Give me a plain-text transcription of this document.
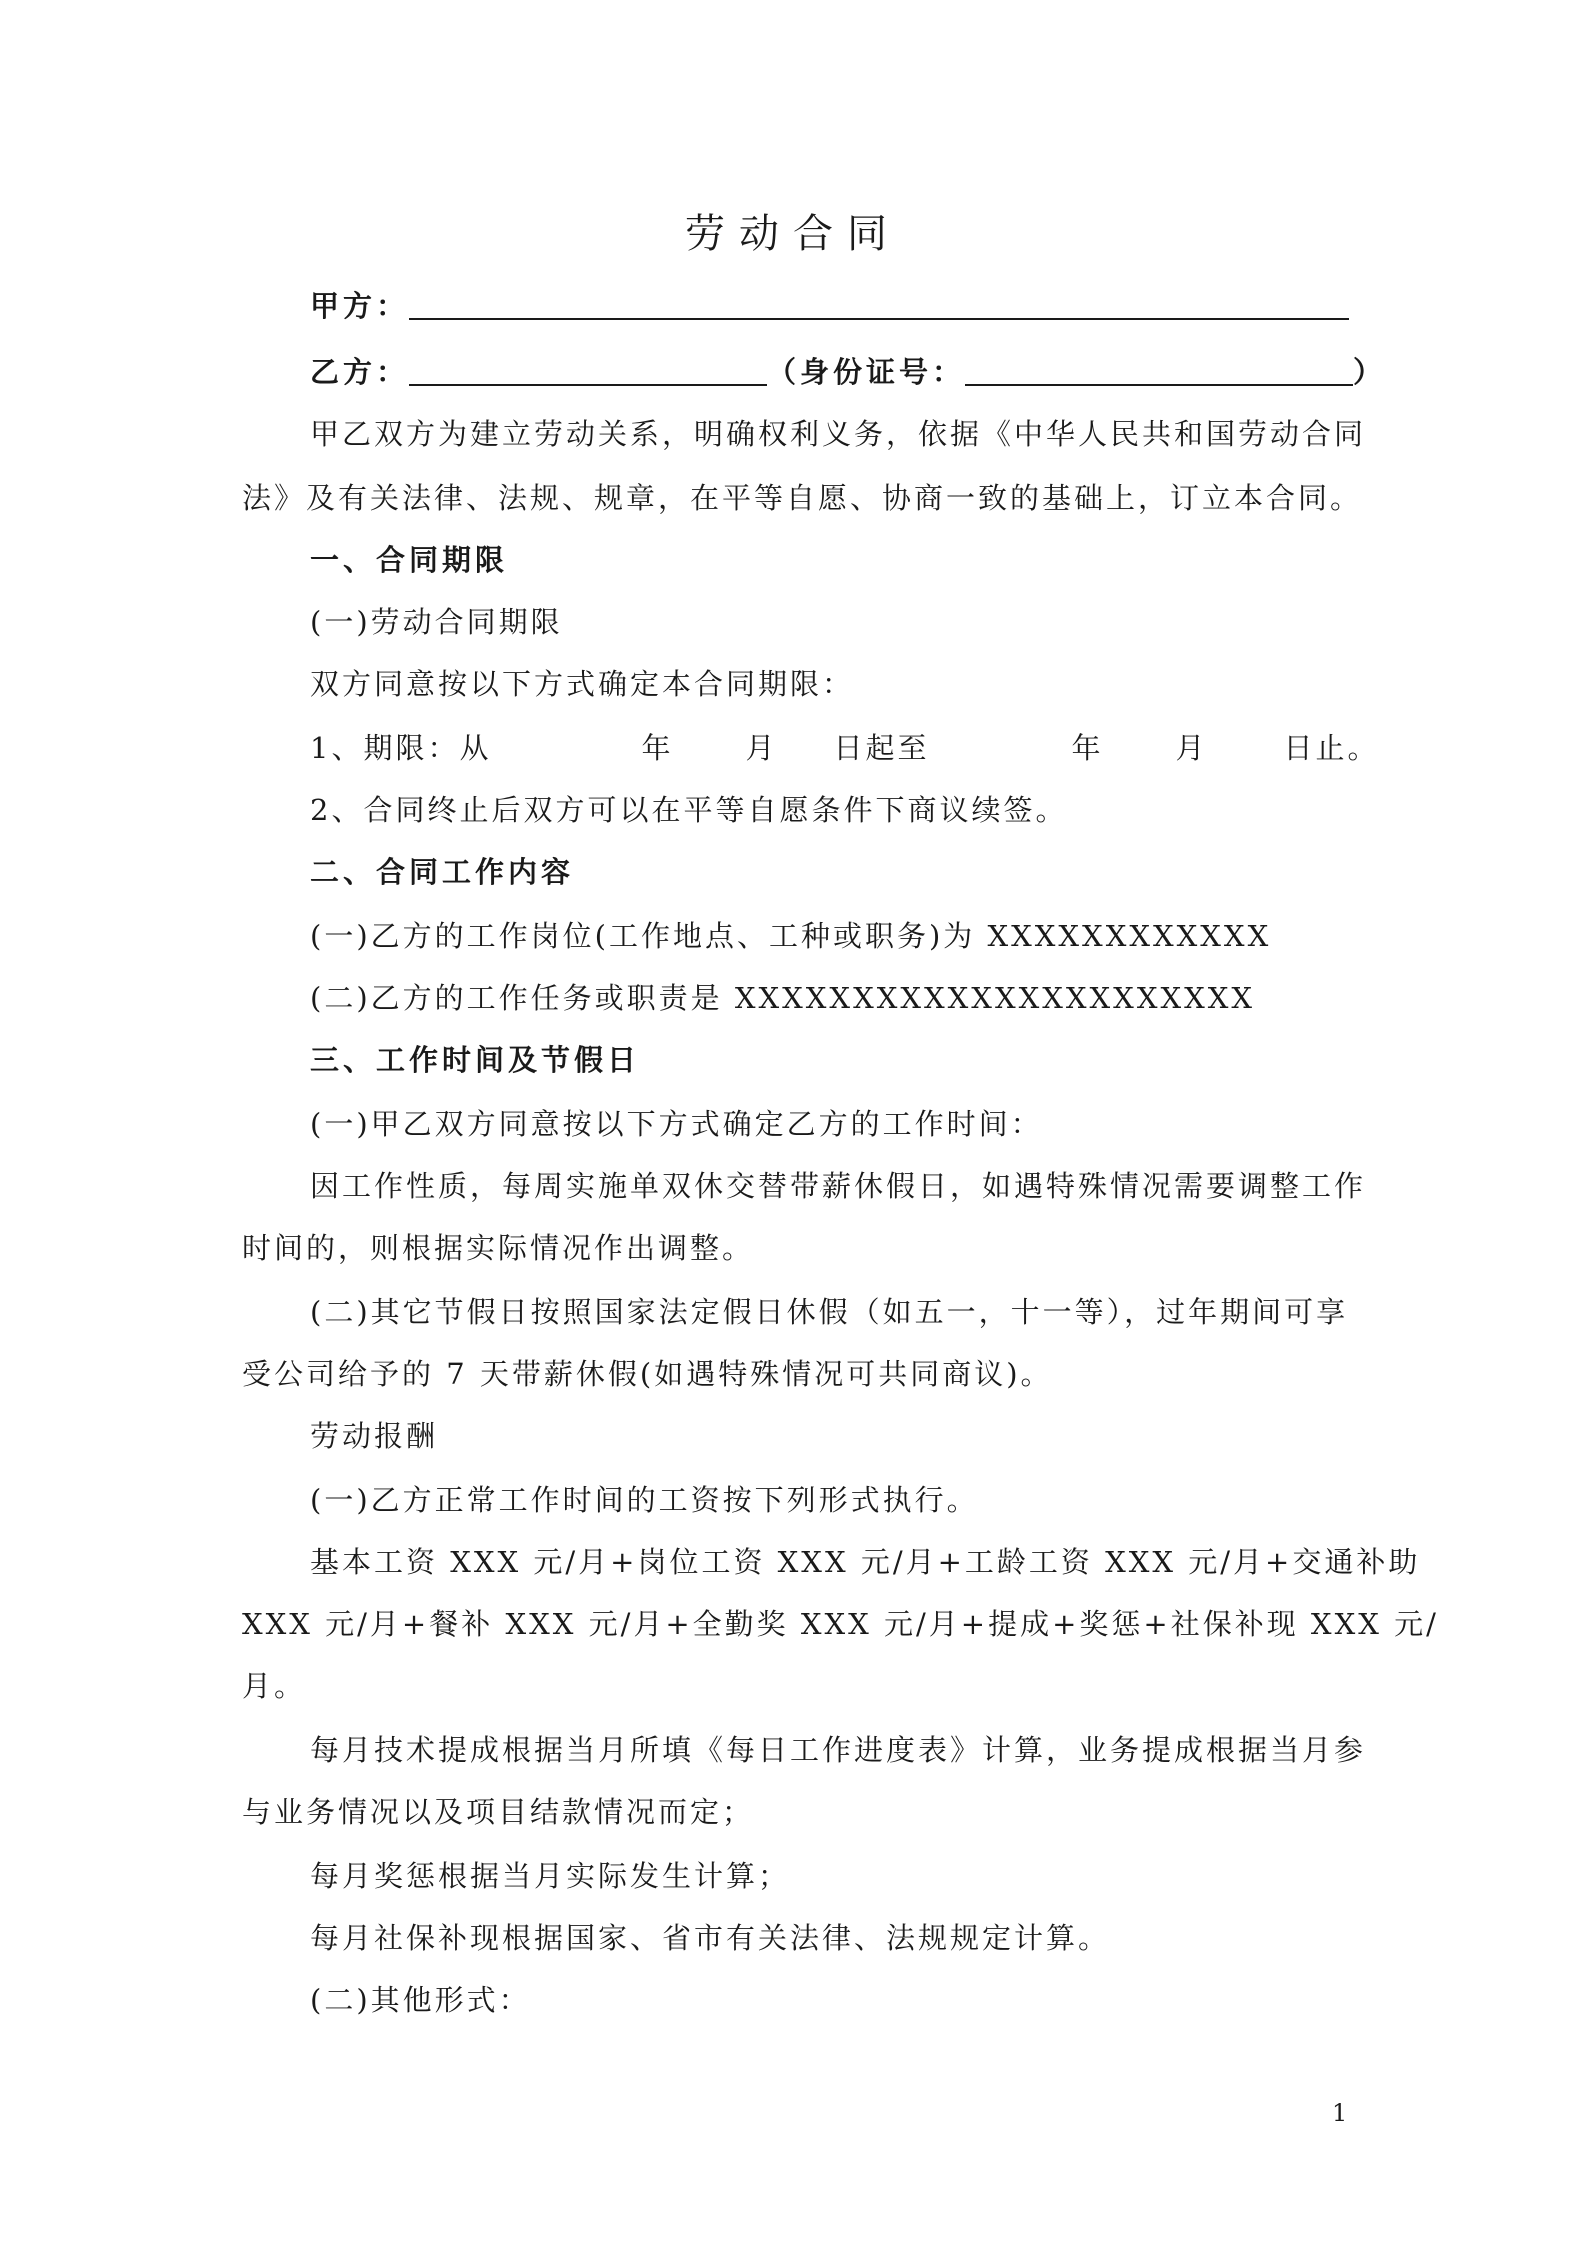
劳动合同
甲方：
乙方：	（身份证号：	）
甲乙双方为建立劳动关系，明确权利义务，依据《中华人民共和国劳动合同
法》及有关法律、法规、规章，在平等自愿、协商一致的基础上，订立本合同。
一、合同期限
(一)劳动合同期限
双方同意按以下方式确定本合同期限：
1、期限：从	年 月 日起至	年 月	日止。
2、合同终止后双方可以在平等自愿条件下商议续签。
二、合同工作内容
(一)乙方的工作岗位(工作地点、工种或职务)为 XXXXXXXXXXXX
(二)乙方的工作任务或职责是 XXXXXXXXXXXXXXXXXXXXXX
三、工作时间及节假日
(一)甲乙双方同意按以下方式确定乙方的工作时间：
因工作性质，每周实施单双休交替带薪休假日，如遇特殊情况需要调整工作
时间的，则根据实际情况作出调整。
(二)其它节假日按照国家法定假日休假（如五一，十一等），过年期间可享
受公司给予的 7 天带薪休假(如遇特殊情况可共同商议)。
劳动报酬
(一)乙方正常工作时间的工资按下列形式执行。
基本工资 XXX 元/月+岗位工资 XXX 元/月+工龄工资 XXX 元/月+交通补助
XXX 元/月+餐补 XXX 元/月+全勤奖 XXX 元/月+提成+奖惩+社保补现 XXX 元/
月。
每月技术提成根据当月所填《每日工作进度表》计算，业务提成根据当月参
与业务情况以及项目结款情况而定；
每月奖惩根据当月实际发生计算；
每月社保补现根据国家、省市有关法律、法规规定计算。
(二)其他形式：
1
